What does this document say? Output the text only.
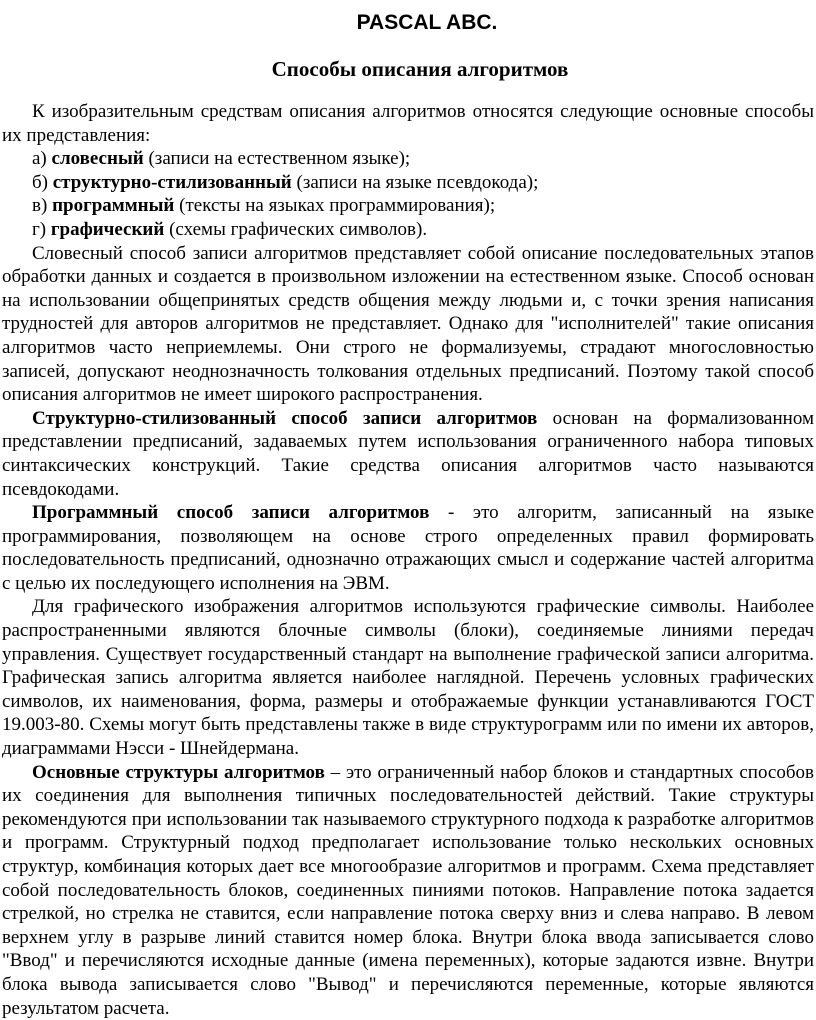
PASCAL ABC.
Способы описания алгоритмов

К изобразительным средствам описания алгоритмов относятся следующие основные способы их представления:

а) словесный (записи на естественном языке);

б) структурно-стилизованный (записи на языке псевдокода);

в) программный (тексты на языках программирования);

г) графический (схемы графических символов).

Словесный способ записи алгоритмов представляет собой описание последовательных этапов обработки данных и создается в произвольном изложении на естественном языке. Способ основан на использовании общепринятых средств общения между людьми и, с точки зрения написания трудностей для авторов алгоритмов не представляет. Однако для "исполнителей" такие описания алгоритмов часто неприемлемы. Они строго не формализуемы, страдают многословностью записей, допускают неоднозначность толкования отдельных предписаний. Поэтому такой способ описания алгоритмов не имеет широкого распространения.

Структурно-стилизованный способ записи алгоритмов основан на формализованном представлении предписаний, задаваемых путем использования ограниченного набора типовых синтаксических конструкций. Такие средства описания алгоритмов часто называются псевдокодами.

Программный способ записи алгоритмов - это алгоритм, записанный на языке программирования, позволяющем на основе строго определенных правил формировать последовательность предписаний, однозначно отражающих смысл и содержание частей алгоритма с целью их последующего исполнения на ЭВМ.

Для графического изображения алгоритмов используются графические символы. Наиболее распространенными являются блочные символы (блоки), соединяемые линиями передач управления. Существует государственный стандарт на выполнение графической записи алгоритма. Графическая запись алгоритма является наиболее наглядной. Перечень условных графических символов, их наименования, форма, размеры и отображаемые функции устанавливаются ГОСТ 19.003-80. Схемы могут быть представлены также в виде структурограмм или по имени их авторов, диаграммами Нэсси - Шнейдермана.

Основные структуры алгоритмов – это ограниченный набор блоков и стандартных способов их соединения для выполнения типичных последовательностей действий. Такие структуры рекомендуются при использовании так называемого структурного подхода к разработке алгоритмов и программ. Структурный подход предполагает использование только нескольких основных структур, комбинация которых дает все многообразие алгоритмов и программ. Схема представляет собой последовательность блоков, соединенных пиниями потоков. Направление потока задается стрелкой, но стрелка не ставится, если направление потока сверху вниз и слева направо. В левом верхнем углу в разрыве линий ставится номер блока. Внутри блока ввода записывается слово "Ввод" и перечисляются исходные данные (имена переменных), которые задаются извне. Внутри блока вывода записывается слово "Вывод" и перечисляются переменные, которые являются результатом расчета.
